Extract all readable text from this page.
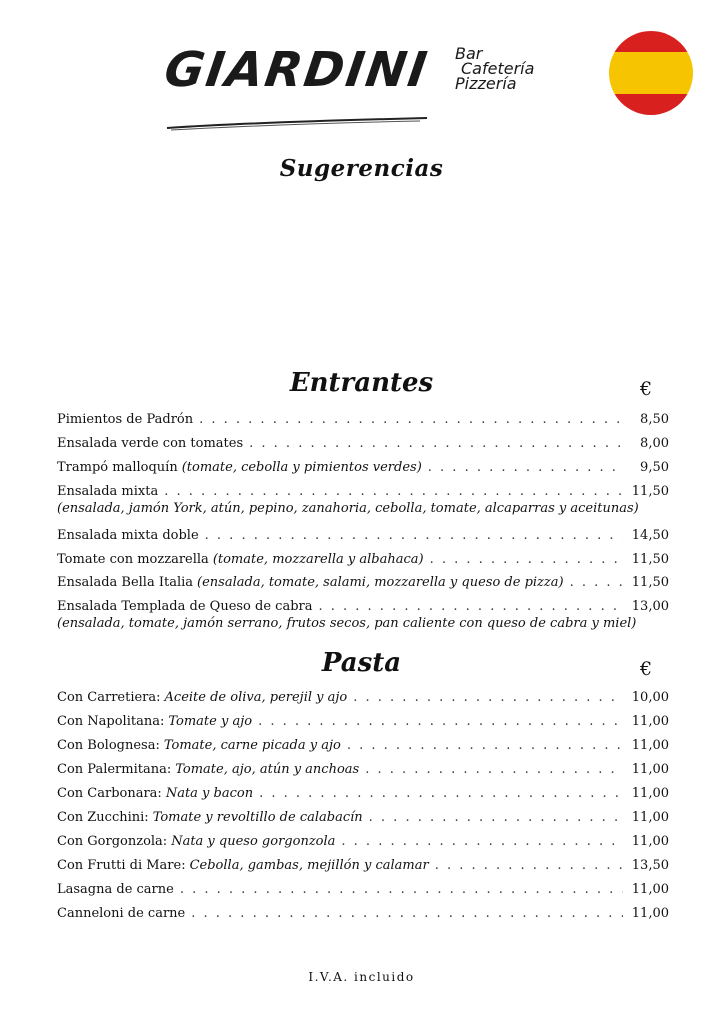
GIARDINI Bar
Cafetería
Pizzería
Sugerencias
Entrantes	€
Pimientos de Padrón . . .	8,50
Ensalada verde con tomates . . .	8,00
Trampó malloquín (tomate, cebolla y pimientos verdes) . . .	9,50
Ensalada mixta . . .	11,50
(ensalada, jamón York, atún, pepino, zanahoria, cebolla, tomate, alcaparras y aceitunas)
Ensalada mixta doble . . .	14,50
Tomate con mozzarella (tomate, mozzarella y albahaca) . . .	11,50
Ensalada Bella Italia (ensalada, tomate, salami, mozzarella y queso de pizza) . . .	11,50
Ensalada Templada de Queso de cabra . . .	13,00
(ensalada, tomate, jamón serrano, frutos secos, pan caliente con queso de cabra y miel)
Pasta	€
Con Carretiera: Aceite de oliva, perejil y ajo . . .	10,00
Con Napolitana: Tomate y ajo . . .	11,00
Con Bolognesa: Tomate, carne picada y ajo . . .	11,00
Con Palermitana: Tomate, ajo, atún y anchoas . . .	11,00
Con Carbonara: Nata y bacon . . .	11,00
Con Zucchini: Tomate y revoltillo de calabacín . . .	11,00
Con Gorgonzola: Nata y queso gorgonzola . . .	11,00
Con Frutti di Mare: Cebolla, gambas, mejillón y calamar . . .	13,50
Lasagna de carne . . .	11,00
Canneloni de carne . . .	11,00
I.V.A. incluido
